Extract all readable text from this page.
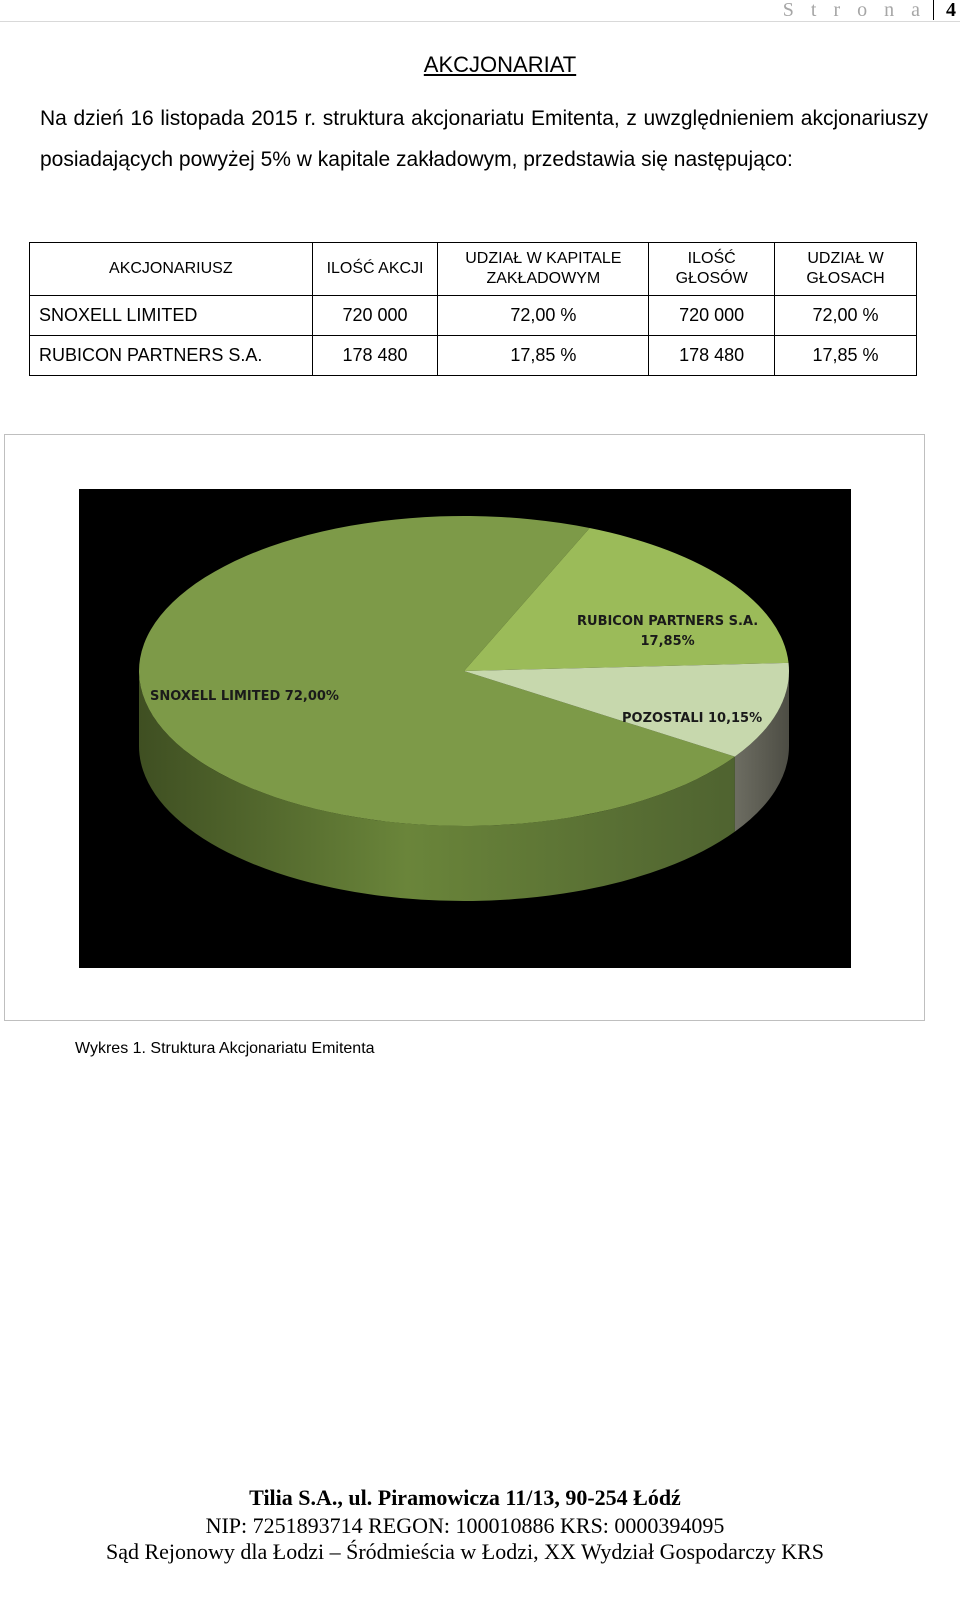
S t r o n a 4
AKCJONARIAT
Na dzień 16 listopada 2015 r. struktura akcjonariatu Emitenta, z uwzględnieniem akcjonariuszy posiadających powyżej 5% w kapitale zakładowym, przedstawia się następująco:
AKCJONARIUSZ	ILOŚĆ AKCJI	UDZIAŁ W KAPITALE ZAKŁADOWYM	ILOŚĆ GŁOSÓW	UDZIAŁ W GŁOSACH
SNOXELL LIMITED	720 000	72,00 %	720 000	72,00 %
RUBICON PARTNERS S.A.	178 480	17,85 %	178 480	17,85 %
RUBICON PARTNERS S.A.
17,85%
SNOXELL LIMITED 72,00%
POZOSTALI 10,15%
Wykres 1. Struktura Akcjonariatu Emitenta
Tilia S.A., ul. Piramowicza 11/13, 90-254 Łódź
NIP: 7251893714 REGON: 100010886 KRS: 0000394095
Sąd Rejonowy dla Łodzi – Śródmieścia w Łodzi, XX Wydział Gospodarczy KRS
